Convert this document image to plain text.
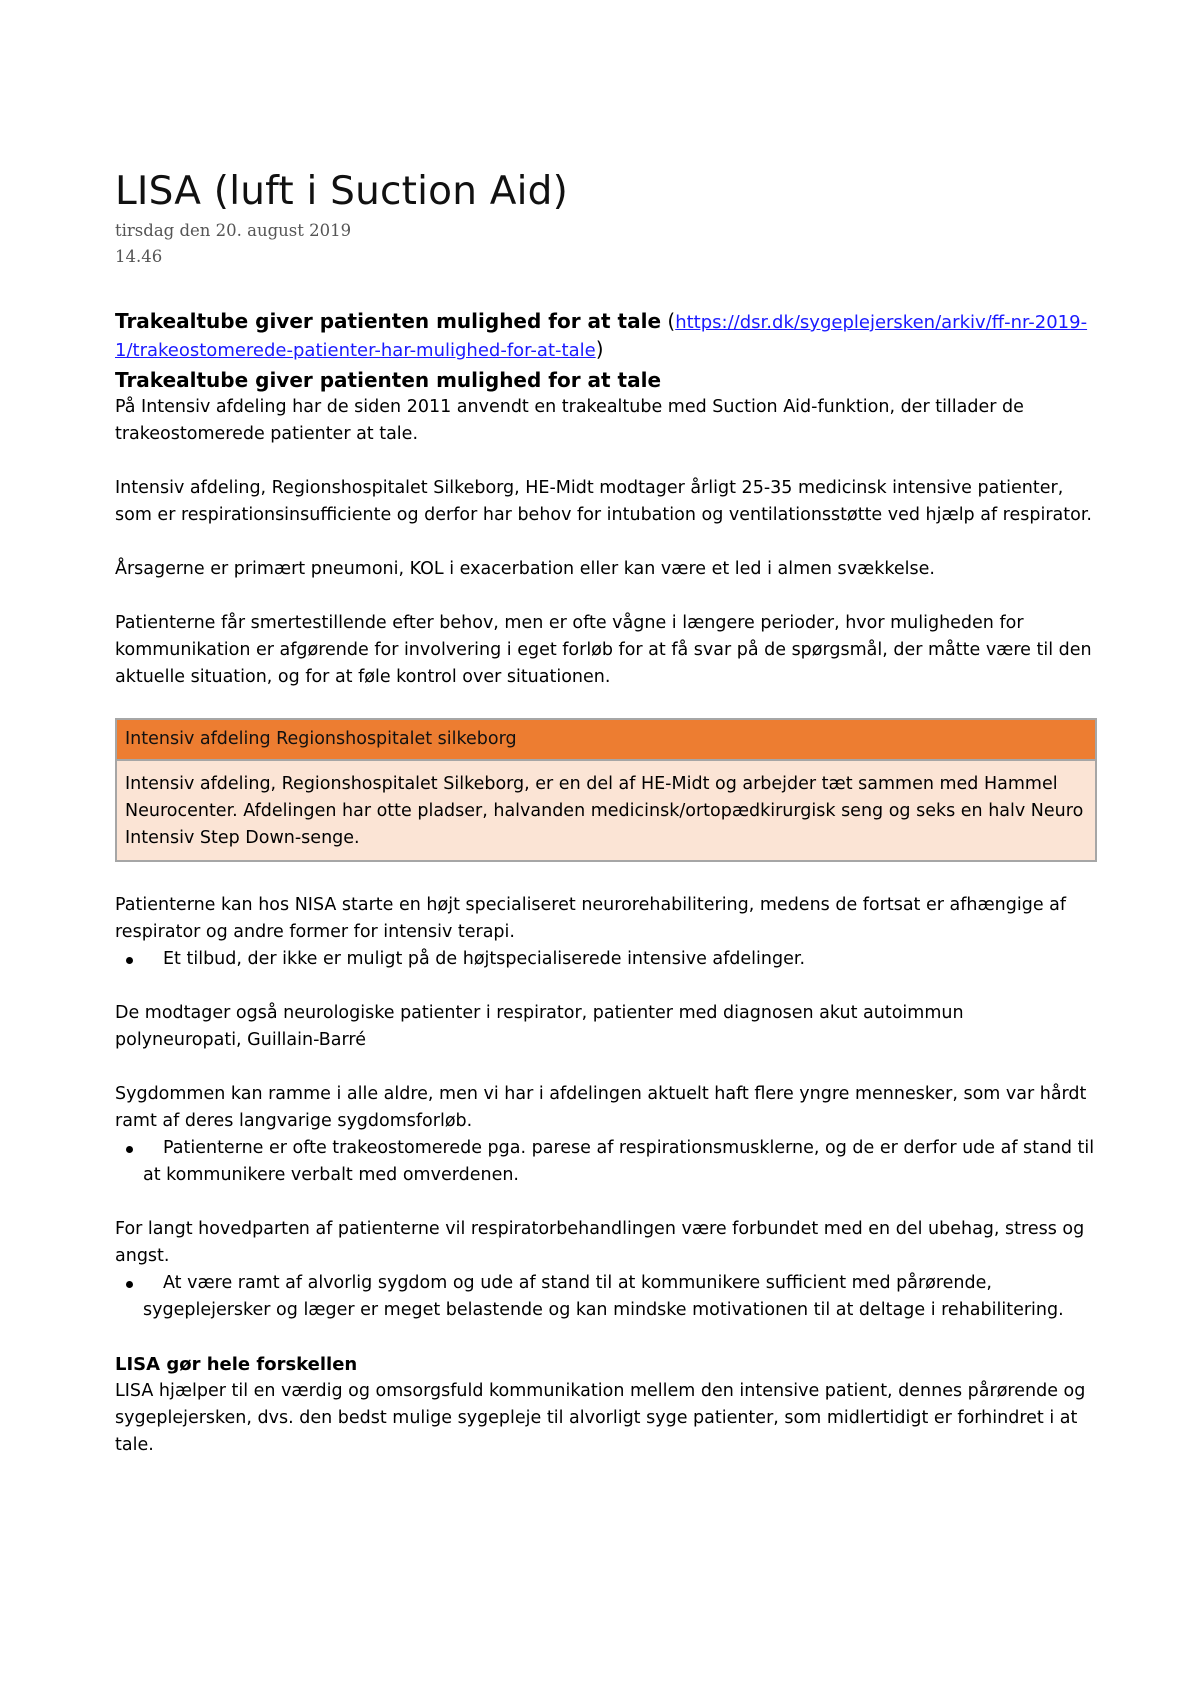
LISA (luft i Suction Aid)
tirsdag den 20. august 2019
14.46
Trakealtube giver patienten mulighed for at tale (https://dsr.dk/sygeplejersken/arkiv/ff-nr-2019-1/trakeostomerede-patienter-har-mulighed-for-at-tale)
Trakealtube giver patienten mulighed for at tale

På Intensiv afdeling har de siden 2011 anvendt en trakealtube med Suction Aid-funktion, der tillader de trakeostomerede patienter at tale.

Intensiv afdeling, Regionshospitalet Silkeborg, HE-Midt modtager årligt 25-35 medicinsk intensive patienter, som er respirationsinsufficiente og derfor har behov for intubation og ventilationsstøtte ved hjælp af respirator.

Årsagerne er primært pneumoni, KOL i exacerbation eller kan være et led i almen svækkelse.

Patienterne får smertestillende efter behov, men er ofte vågne i længere perioder, hvor muligheden for kommunikation er afgørende for involvering i eget forløb for at få svar på de spørgsmål, der måtte være til den aktuelle situation, og for at føle kontrol over situationen.

Intensiv afdeling Regionshospitalet silkeborg
Intensiv afdeling, Regionshospitalet Silkeborg, er en del af HE-Midt og arbejder tæt sammen med Hammel Neurocenter. Afdelingen har otte pladser, halvanden medicinsk/ortopædkirurgisk seng og seks en halv Neuro Intensiv Step Down-senge.

Patienterne kan hos NISA starte en højt specialiseret neurorehabilitering, medens de fortsat er afhængige af respirator og andre former for intensiv terapi.

Et tilbud, der ikke er muligt på de højtspecialiserede intensive afdelinger.

De modtager også neurologiske patienter i respirator, patienter med diagnosen akut autoimmun polyneuropati, Guillain-Barré

Sygdommen kan ramme i alle aldre, men vi har i afdelingen aktuelt haft flere yngre mennesker, som var hårdt ramt af deres langvarige sygdomsforløb.

Patienterne er ofte trakeostomerede pga. parese af respirationsmusklerne, og de er derfor ude af stand til at kommunikere verbalt med omverdenen.

For langt hovedparten af patienterne vil respiratorbehandlingen være forbundet med en del ubehag, stress og angst.

At være ramt af alvorlig sygdom og ude af stand til at kommunikere sufficient med pårørende, sygeplejersker og læger er meget belastende og kan mindske motivationen til at deltage i rehabilitering.

LISA gør hele forskellen

LISA hjælper til en værdig og omsorgsfuld kommunikation mellem den intensive patient, dennes pårørende og sygeplejersken, dvs. den bedst mulige sygepleje til alvorligt syge patienter, som midlertidigt er forhindret i at tale.
